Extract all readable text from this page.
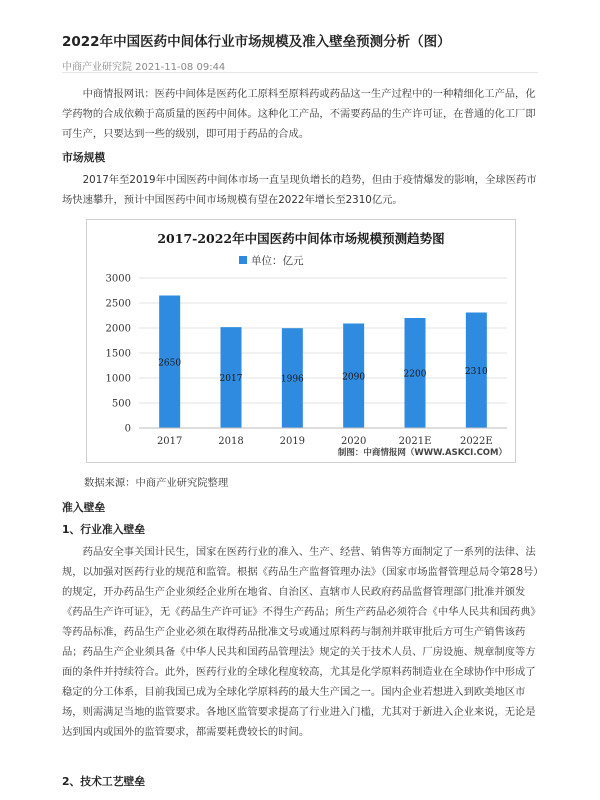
2022年中国医药中间体行业市场规模及准入壁垒预测分析（图）
中商产业研究院 2021-11-08 09:44

中商情报网讯：医药中间体是医药化工原料至原料药或药品这一生产过程中的一种精细化工产品，化学药物的合成依赖于高质量的医药中间体。这种化工产品，不需要药品的生产许可证，在普通的化工厂即可生产，只要达到一些的级别，即可用于药品的合成。

市场规模

2017年至2019年中国医药中间体市场一直呈现负增长的趋势，但由于疫情爆发的影响，全球医药市场快速攀升，预计中国医药中间市场规模有望在2022年增长至2310亿元。

0
500
1000
1500
2000
2500
3000
2650
2017
2017
2018
1996
2019
2090
2020
2200
2021E
2310
2022E
2017-2022年中国医药中间体市场规模预测趋势图
单位：亿元
制图：中商情报网（WWW.ASKCI.COM）
数据来源：中商产业研究院整理
准入壁垒
1、行业准入壁垒

药品安全事关国计民生，国家在医药行业的准入、生产、经营、销售等方面制定了一系列的法律、法规，以加强对医药行业的规范和监管。根据《药品生产监督管理办法》（国家市场监督管理总局令第28号）的规定，开办药品生产企业须经企业所在地省、自治区、直辖市人民政府药品监督管理部门批准并颁发《药品生产许可证》，无《药品生产许可证》不得生产药品；所生产药品必须符合《中华人民共和国药典》等药品标准，药品生产企业必须在取得药品批准文号或通过原料药与制剂并联审批后方可生产销售该药品；药品生产企业须具备《中华人民共和国药品管理法》规定的关于技术人员、厂房设施、规章制度等方面的条件并持续符合。此外，医药行业的全球化程度较高，尤其是化学原料药制造业在全球协作中形成了稳定的分工体系，目前我国已成为全球化学原料药的最大生产国之一。国内企业若想进入到欧美地区市场，则需满足当地的监管要求。各地区监管要求提高了行业进入门槛，尤其对于新进入企业来说，无论是达到国内或国外的监管要求，都需要耗费较长的时间。

2、技术工艺壁垒
